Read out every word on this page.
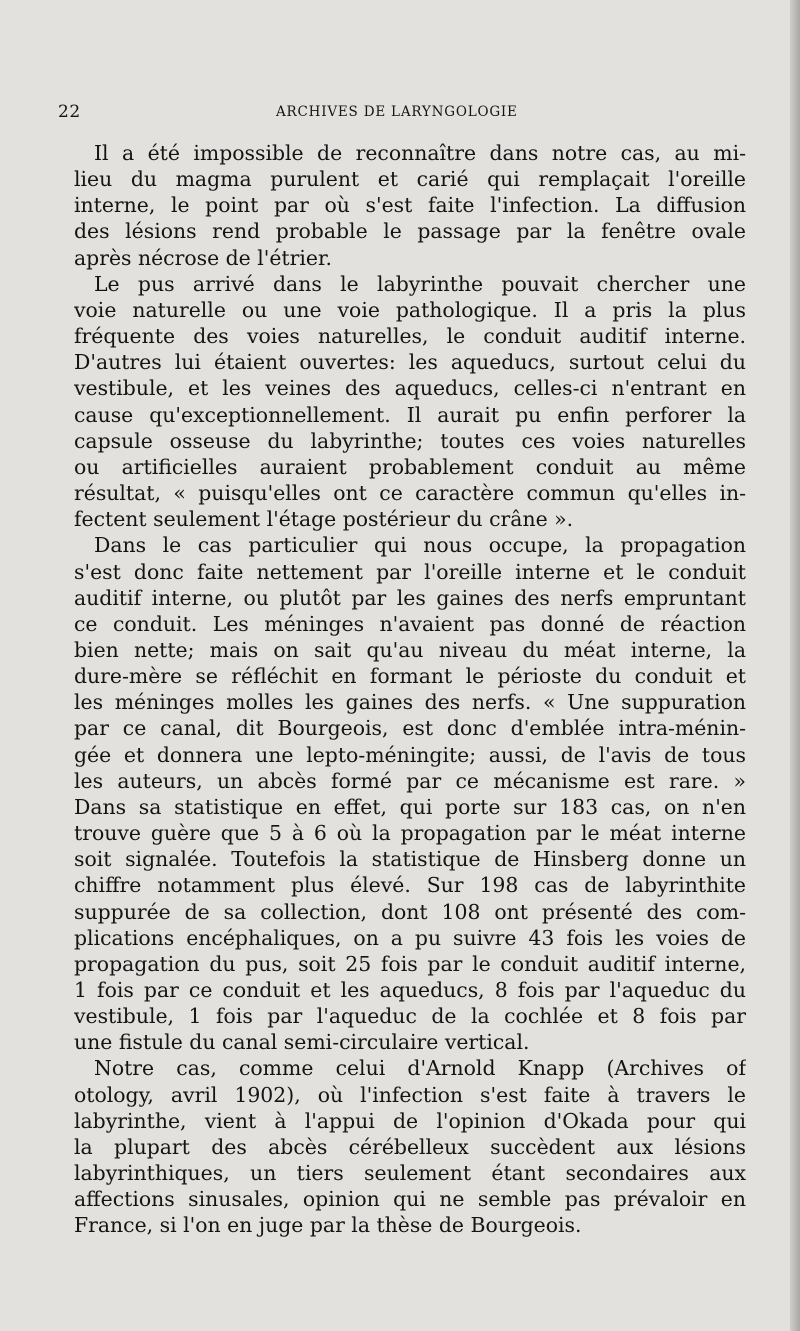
22	ARCHIVES DE LARYNGOLOGIE
Il a été impossible de reconnaître dans notre cas, au mi-
lieu du magma purulent et carié qui remplaçait l'oreille
interne, le point par où s'est faite l'infection. La diffusion
des lésions rend probable le passage par la fenêtre ovale
après nécrose de l'étrier.
Le pus arrivé dans le labyrinthe pouvait chercher une
voie naturelle ou une voie pathologique. Il a pris la plus
fréquente des voies naturelles, le conduit auditif interne.
D'autres lui étaient ouvertes: les aqueducs, surtout celui du
vestibule, et les veines des aqueducs, celles-ci n'entrant en
cause qu'exceptionnellement. Il aurait pu enfin perforer la
capsule osseuse du labyrinthe; toutes ces voies naturelles
ou artificielles auraient probablement conduit au même
résultat, « puisqu'elles ont ce caractère commun qu'elles in-
fectent seulement l'étage postérieur du crâne ».
Dans le cas particulier qui nous occupe, la propagation
s'est donc faite nettement par l'oreille interne et le conduit
auditif interne, ou plutôt par les gaines des nerfs empruntant
ce conduit. Les méninges n'avaient pas donné de réaction
bien nette; mais on sait qu'au niveau du méat interne, la
dure-mère se réfléchit en formant le périoste du conduit et
les méninges molles les gaines des nerfs. « Une suppuration
par ce canal, dit Bourgeois, est donc d'emblée intra-ménin-
gée et donnera une lepto-méningite; aussi, de l'avis de tous
les auteurs, un abcès formé par ce mécanisme est rare. »
Dans sa statistique en effet, qui porte sur 183 cas, on n'en
trouve guère que 5 à 6 où la propagation par le méat interne
soit signalée. Toutefois la statistique de Hinsberg donne un
chiffre notamment plus élevé. Sur 198 cas de labyrinthite
suppurée de sa collection, dont 108 ont présenté des com-
plications encéphaliques, on a pu suivre 43 fois les voies de
propagation du pus, soit 25 fois par le conduit auditif interne,
1 fois par ce conduit et les aqueducs, 8 fois par l'aqueduc du
vestibule, 1 fois par l'aqueduc de la cochlée et 8 fois par
une fistule du canal semi-circulaire vertical.
Notre cas, comme celui d'Arnold Knapp (Archives of
otology, avril 1902), où l'infection s'est faite à travers le
labyrinthe, vient à l'appui de l'opinion d'Okada pour qui
la plupart des abcès cérébelleux succèdent aux lésions
labyrinthiques, un tiers seulement étant secondaires aux
affections sinusales, opinion qui ne semble pas prévaloir en
France, si l'on en juge par la thèse de Bourgeois.
